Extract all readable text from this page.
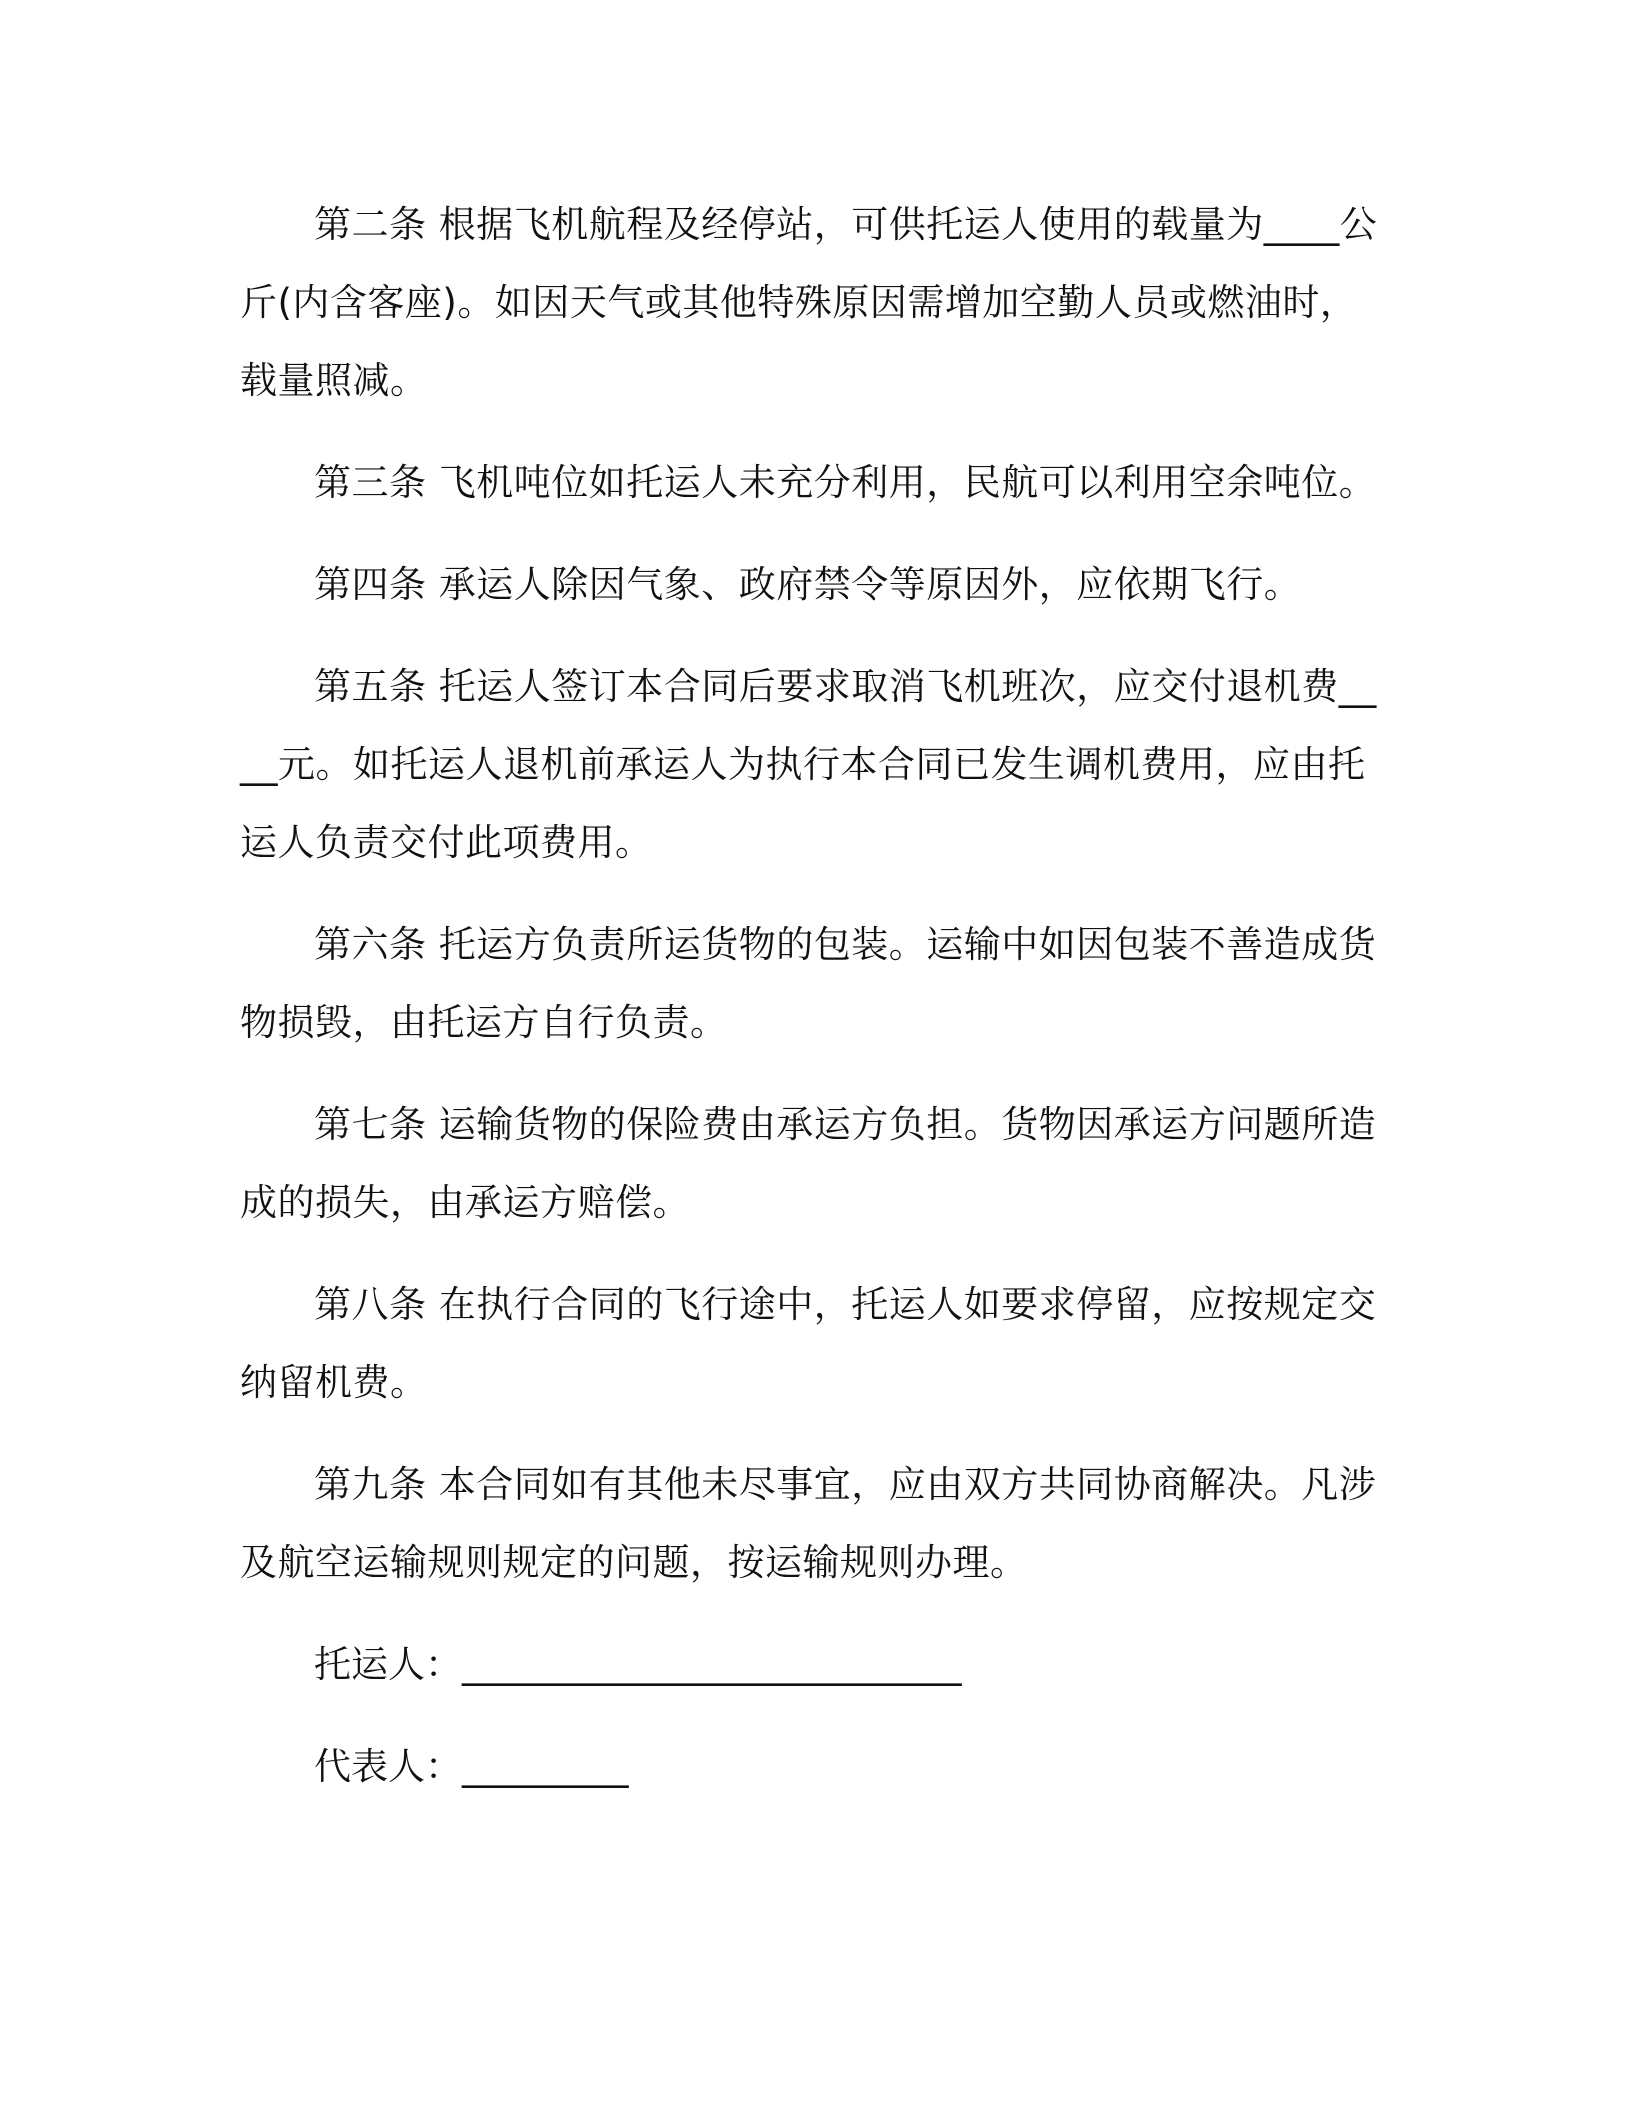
第二条 根据飞机航程及经停站，可供托运人使用的载量为____公斤(内含客座)。如因天气或其他特殊原因需增加空勤人员或燃油时，载量照减。

第三条 飞机吨位如托运人未充分利用，民航可以利用空余吨位。

第四条 承运人除因气象、政府禁令等原因外，应依期飞行。

第五条 托运人签订本合同后要求取消飞机班次，应交付退机费____元。如托运人退机前承运人为执行本合同已发生调机费用，应由托运人负责交付此项费用。

第六条 托运方负责所运货物的包装。运输中如因包装不善造成货物损毁，由托运方自行负责。

第七条 运输货物的保险费由承运方负担。货物因承运方问题所造成的损失，由承运方赔偿。

第八条 在执行合同的飞行途中，托运人如要求停留，应按规定交纳留机费。

第九条 本合同如有其他未尽事宜，应由双方共同协商解决。凡涉及航空运输规则规定的问题，按运输规则办理。

托运人：___________________________

代表人：_________
